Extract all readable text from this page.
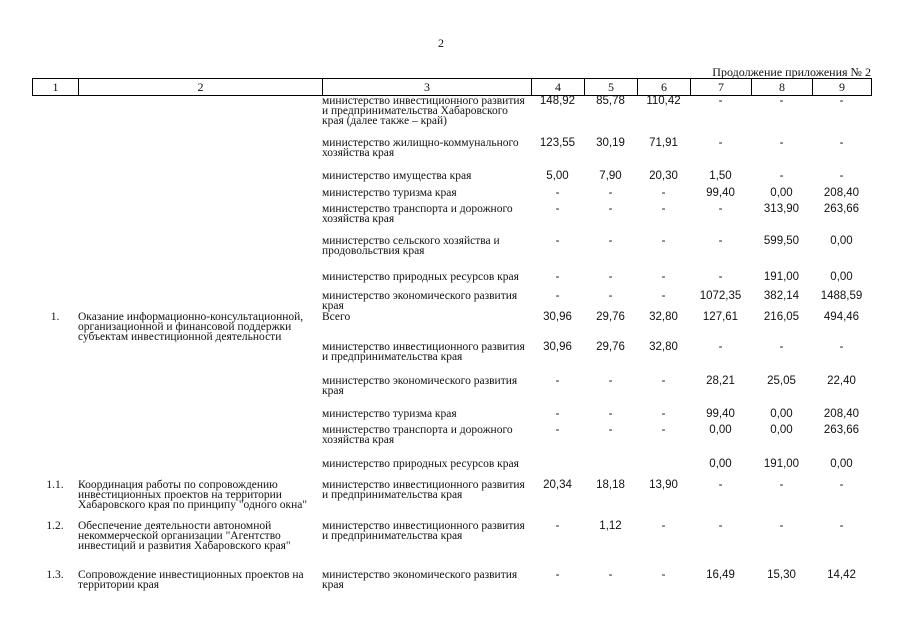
2
Продолжение приложения № 2
1	2	3	4	5	6	7	8	9
		министерство инвестиционного развития и предпринимательства Хабаровского края (далее также – край)	148,92	85,78	110,42	-	-	-
		министерство жилищно-коммунального хозяйства края	123,55	30,19	71,91	-	-	-
		министерство имущества края	5,00	7,90	20,30	1,50	-	-
		министерство туризма края	-	-	-	99,40	0,00	208,40
		министерство транспорта и дорожного хозяйства края	-	-	-	-	313,90	263,66
		министерство сельского хозяйства и продовольствия края	-	-	-	-	599,50	0,00
		министерство природных ресурсов края	-	-	-	-	191,00	0,00
		министерство экономического развития края	-	-	-	1072,35	382,14	1488,59
1.	Оказание информационно-консультационной, организационной и финансовой поддержки субъектам инвестиционной деятельности	Всего	30,96	29,76	32,80	127,61	216,05	494,46
		министерство инвестиционного развития и предпринимательства края	30,96	29,76	32,80	-	-	-
		министерство экономического развития края	-	-	-	28,21	25,05	22,40
		министерство туризма края	-	-	-	99,40	0,00	208,40
		министерство транспорта и дорожного хозяйства края	-	-	-	0,00	0,00	263,66
		министерство природных ресурсов края				0,00	191,00	0,00
1.1.	Координация работы по сопровождению инвестиционных проектов на территории Хабаровского края по принципу "одного окна"	министерство инвестиционного развития и предпринимательства края	20,34	18,18	13,90	-	-	-
1.2.	Обеспечение деятельности автономной некоммерческой организации "Агентство инвестиций и развития Хабаровского края"	министерство инвестиционного развития и предпринимательства края	-	1,12	-	-	-	-
1.3.	Сопровождение инвестиционных проектов на территории края	министерство экономического развития края	-	-	-	16,49	15,30	14,42
